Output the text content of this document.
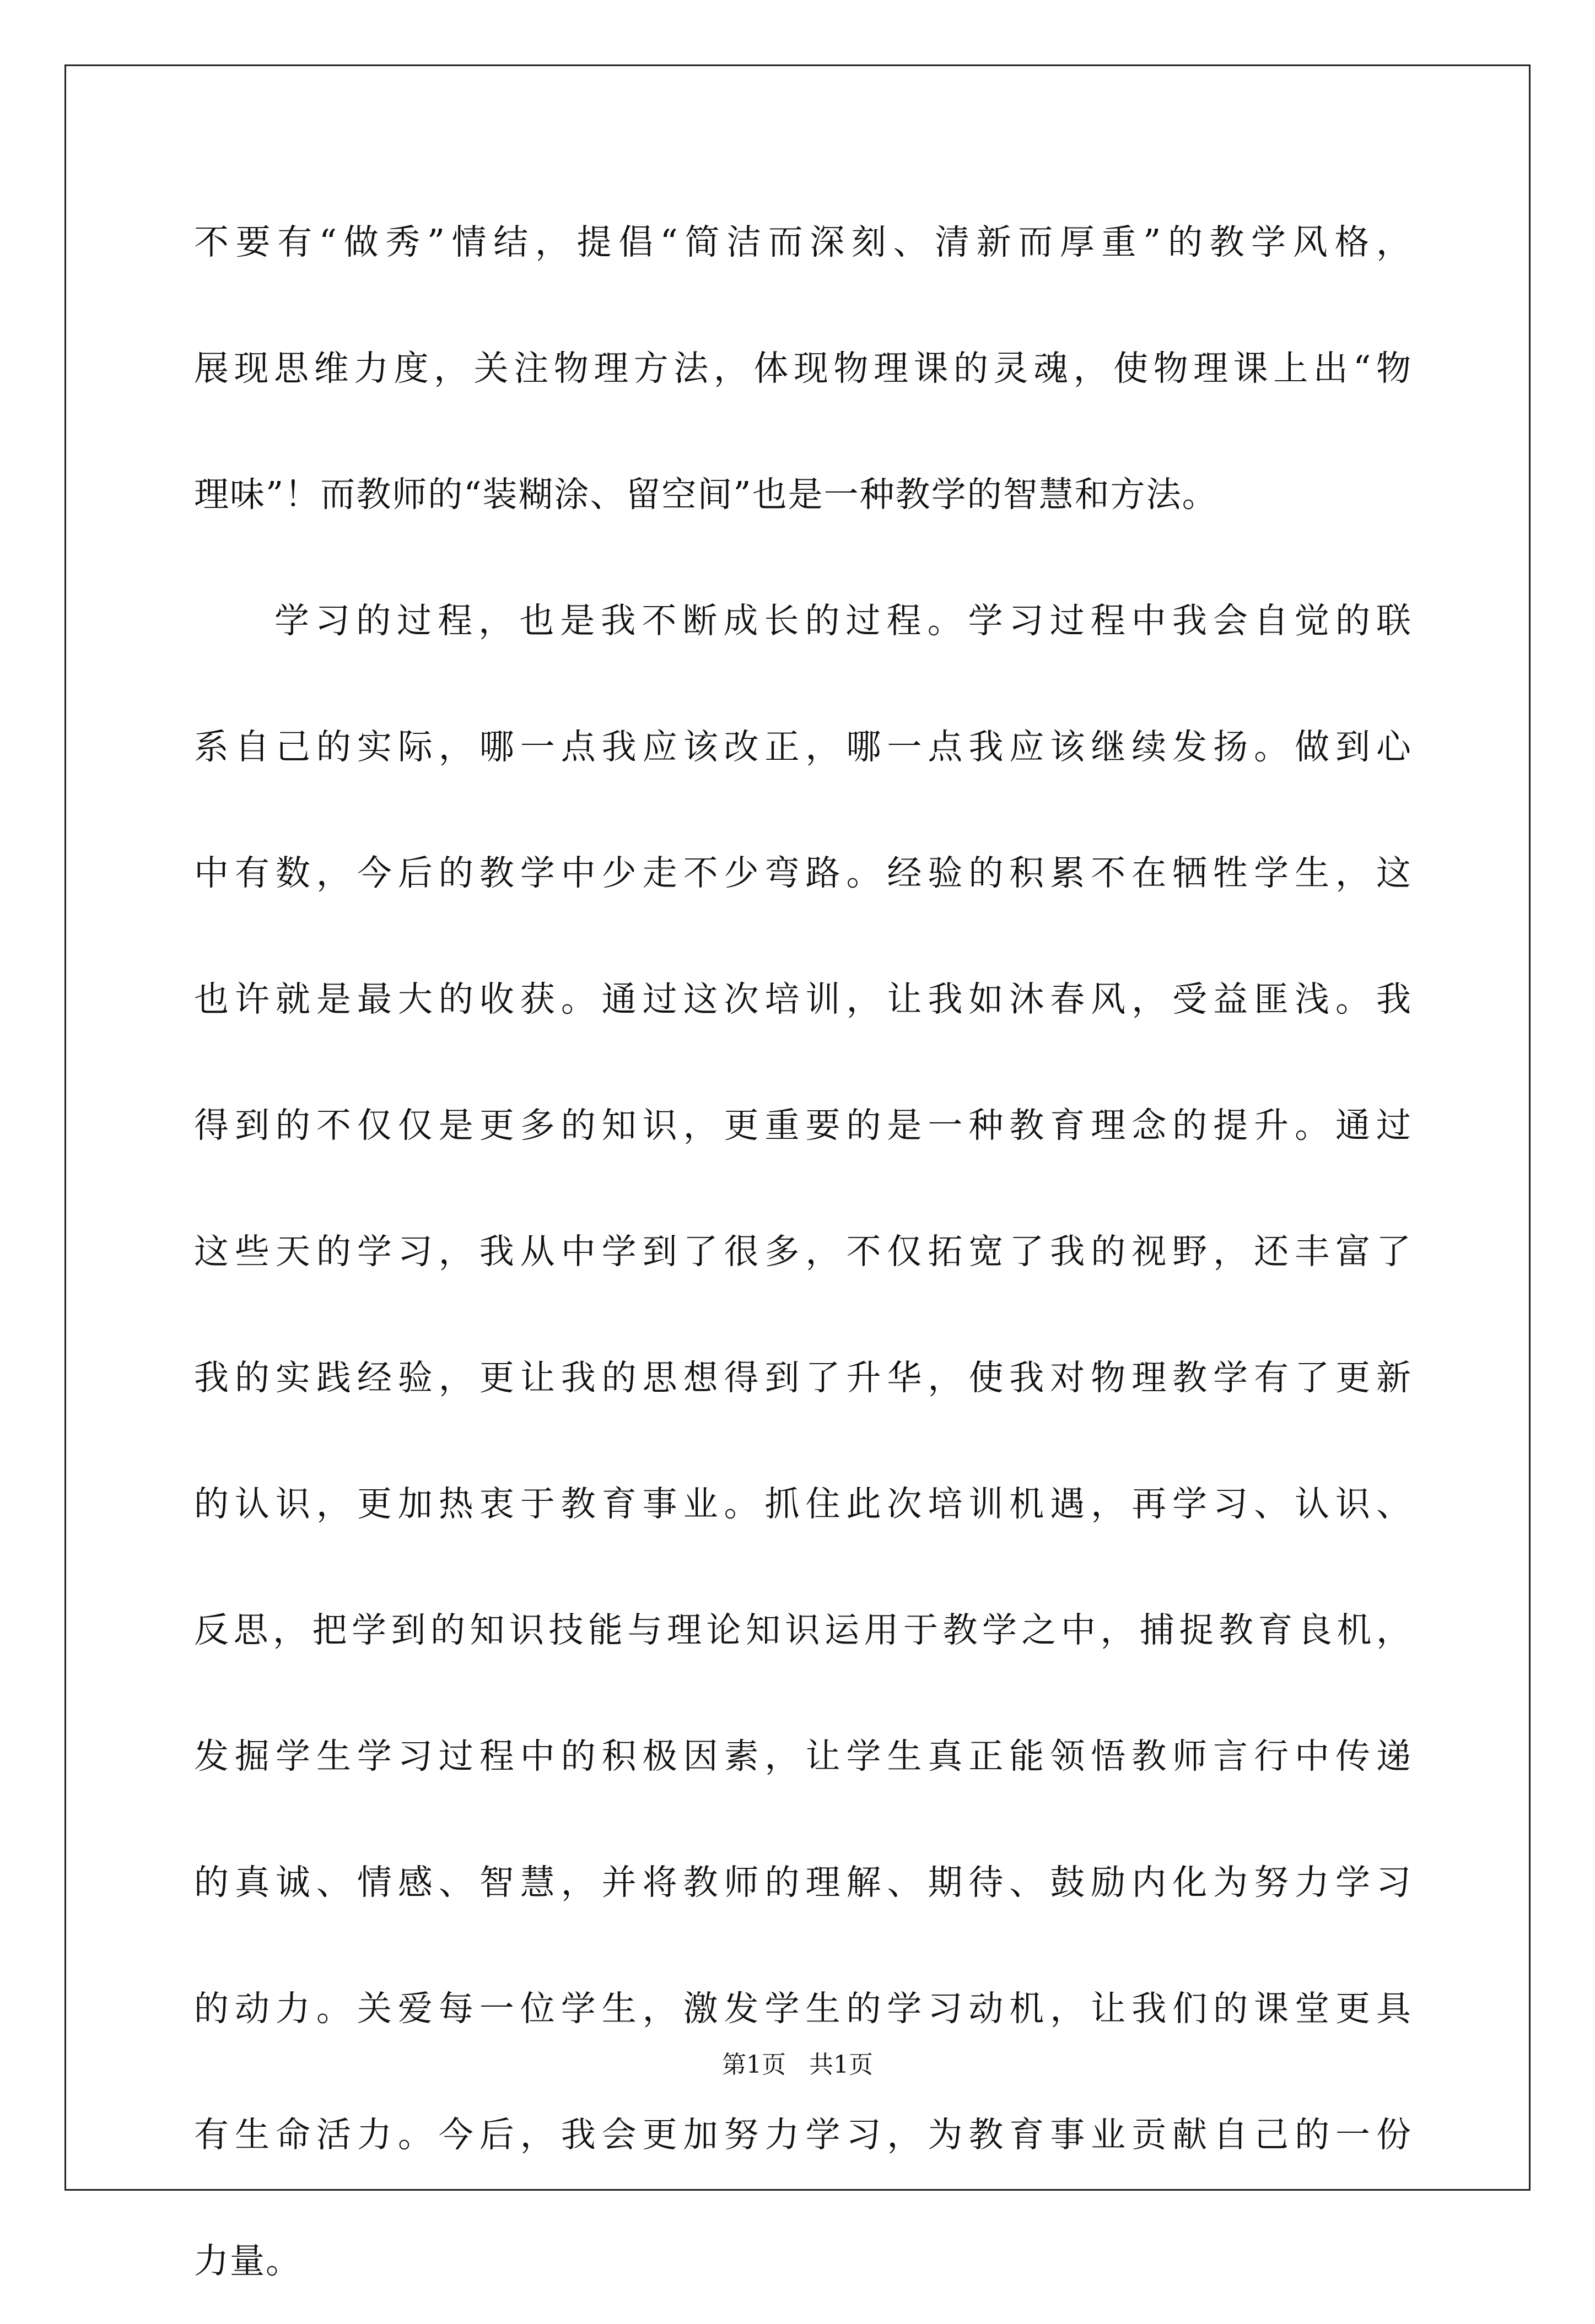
不要有“做秀”情结，提倡“简洁而深刻、清新而厚重”的教学风格，
展现思维力度，关注物理方法，体现物理课的灵魂，使物理课上出“物
理味”！而教师的“装糊涂、留空间”也是一种教学的智慧和方法。
学习的过程，也是我不断成长的过程。学习过程中我会自觉的联
系自己的实际，哪一点我应该改正，哪一点我应该继续发扬。做到心
中有数，今后的教学中少走不少弯路。经验的积累不在牺牲学生，这
也许就是最大的收获。通过这次培训，让我如沐春风，受益匪浅。我
得到的不仅仅是更多的知识，更重要的是一种教育理念的提升。通过
这些天的学习，我从中学到了很多，不仅拓宽了我的视野，还丰富了
我的实践经验，更让我的思想得到了升华，使我对物理教学有了更新
的认识，更加热衷于教育事业。抓住此次培训机遇，再学习、认识、
反思，把学到的知识技能与理论知识运用于教学之中，捕捉教育良机，
发掘学生学习过程中的积极因素，让学生真正能领悟教师言行中传递
的真诚、情感、智慧，并将教师的理解、期待、鼓励内化为努力学习
的动力。关爱每一位学生，激发学生的学习动机，让我们的课堂更具
有生命活力。今后，我会更加努力学习，为教育事业贡献自己的一份
力量。
第1页 共1页
